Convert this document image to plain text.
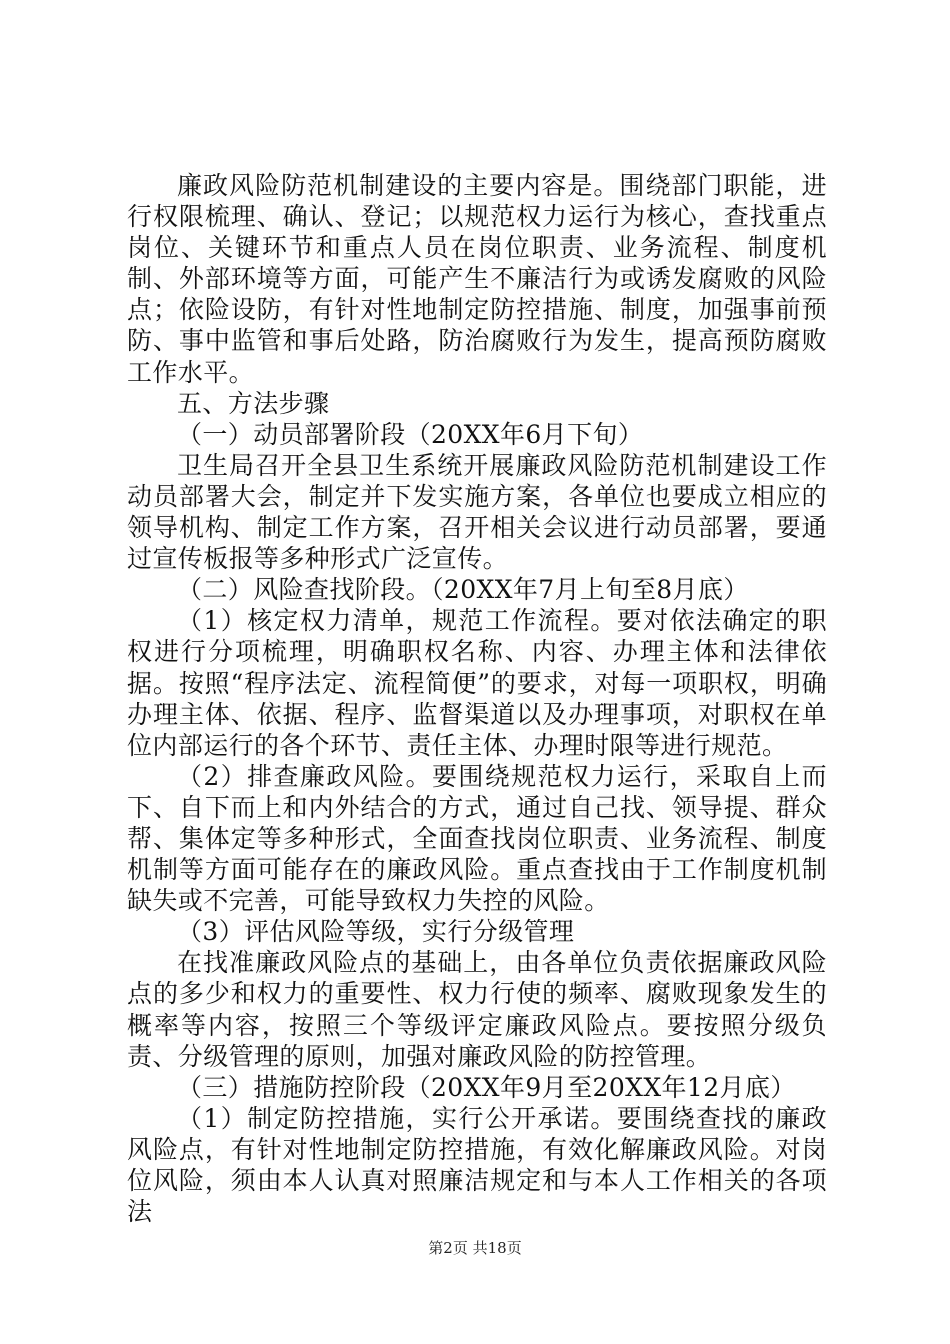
廉政风险防范机制建设的主要内容是。围绕部门职能，进行权限梳理、确认、登记；以规范权力运行为核心，查找重点岗位、关键环节和重点人员在岗位职责、业务流程、制度机制、外部环境等方面，可能产生不廉洁行为或诱发腐败的风险点；依险设防，有针对性地制定防控措施、制度，加强事前预防、事中监管和事后处路，防治腐败行为发生，提高预防腐败工作水平。

五、方法步骤

（一）动员部署阶段（20XX年6月下旬）

卫生局召开全县卫生系统开展廉政风险防范机制建设工作动员部署大会，制定并下发实施方案，各单位也要成立相应的领导机构、制定工作方案，召开相关会议进行动员部署，要通过宣传板报等多种形式广泛宣传。

（二）风险查找阶段。（20XX年7月上旬至8月底）

（1）核定权力清单，规范工作流程。要对依法确定的职权进行分项梳理，明确职权名称、内容、办理主体和法律依据。按照“程序法定、流程简便”的要求，对每一项职权，明确办理主体、依据、程序、监督渠道以及办理事项，对职权在单位内部运行的各个环节、责任主体、办理时限等进行规范。

（2）排查廉政风险。要围绕规范权力运行，采取自上而下、自下而上和内外结合的方式，通过自己找、领导提、群众帮、集体定等多种形式，全面查找岗位职责、业务流程、制度机制等方面可能存在的廉政风险。重点查找由于工作制度机制缺失或不完善，可能导致权力失控的风险。

（3）评估风险等级，实行分级管理

在找准廉政风险点的基础上，由各单位负责依据廉政风险点的多少和权力的重要性、权力行使的频率、腐败现象发生的概率等内容，按照三个等级评定廉政风险点。要按照分级负责、分级管理的原则，加强对廉政风险的防控管理。

（三）措施防控阶段（20XX年9月至20XX年12月底）

（1）制定防控措施，实行公开承诺。要围绕查找的廉政风险点，有针对性地制定防控措施，有效化解廉政风险。对岗位风险，须由本人认真对照廉洁规定和与本人工作相关的各项法

第2页 共18页
